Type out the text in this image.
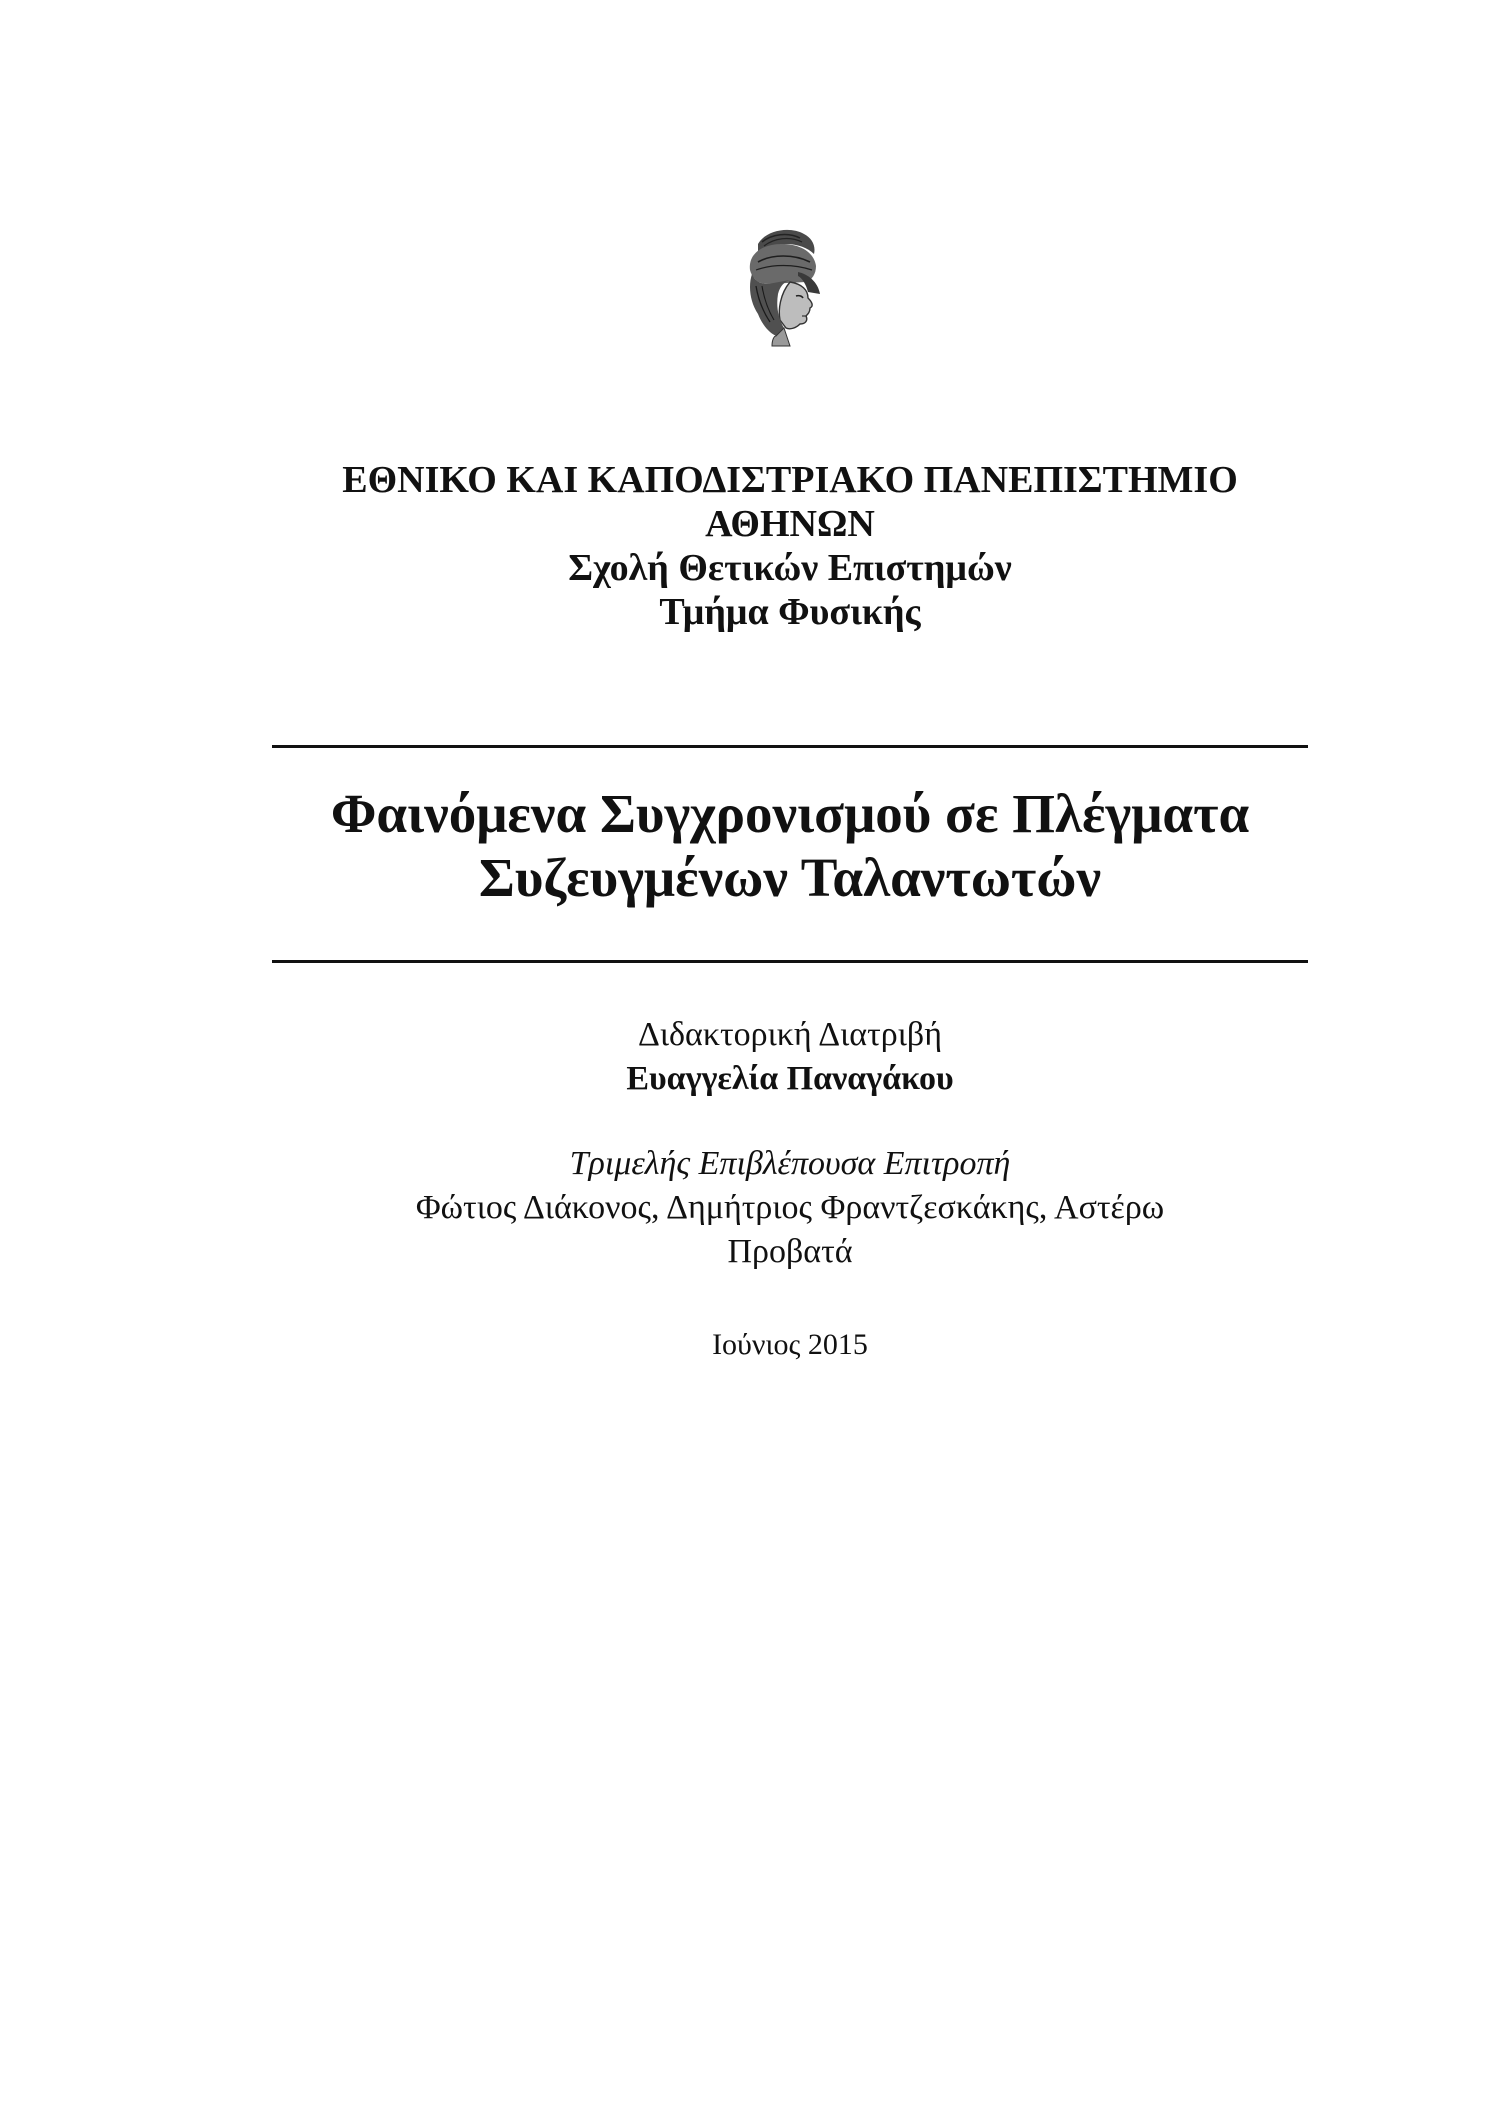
ΕΘΝΙΚΟ ΚΑΙ ΚΑΠΟΔΙΣΤΡΙΑΚΟ ΠΑΝΕΠΙΣΤΗΜΙΟ
ΑΘΗΝΩΝ
Σχολή Θετικών Επιστημών
Τμήμα Φυσικής
Φαινόμενα Συγχρονισμού σε Πλέγματα
Συζευγμένων Ταλαντωτών
Διδακτορική Διατριβή
Ευαγγελία Παναγάκου
Τριμελής Επιβλέπουσα Επιτροπή
Φώτιος Διάκονος, Δημήτριος Φραντζεσκάκης, Αστέρω
Προβατά
Ιούνιος 2015
